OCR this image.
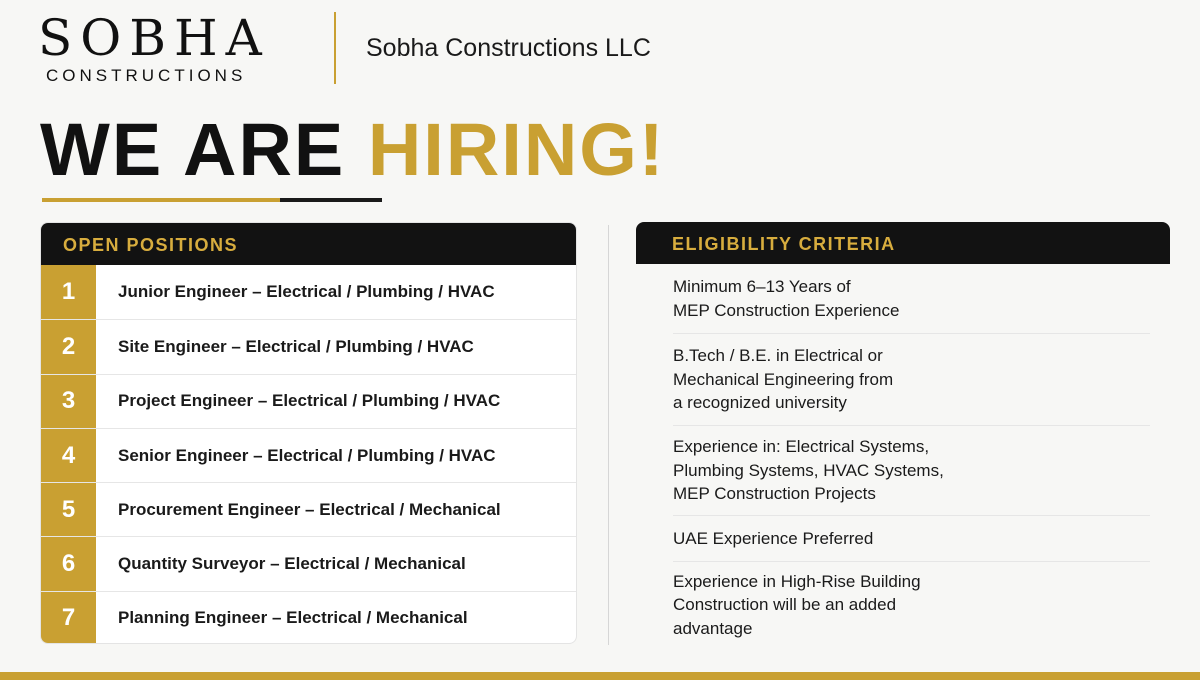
SOBHA
CONSTRUCTIONS
Sobha Constructions LLC
WE ARE HIRING!
OPEN POSITIONS
1	Junior Engineer – Electrical / Plumbing / HVAC
2	Site Engineer – Electrical / Plumbing / HVAC
3	Project Engineer – Electrical / Plumbing / HVAC
4	Senior Engineer – Electrical / Plumbing / HVAC
5	Procurement Engineer – Electrical / Mechanical
6	Quantity Surveyor – Electrical / Mechanical
7	Planning Engineer – Electrical / Mechanical
ELIGIBILITY CRITERIA
Minimum 6–13 Years of
MEP Construction Experience
B.Tech / B.E. in Electrical or
Mechanical Engineering from
a recognized university
Experience in: Electrical Systems,
Plumbing Systems, HVAC Systems,
MEP Construction Projects
UAE Experience Preferred
Experience in High-Rise Building
Construction will be an added
advantage
